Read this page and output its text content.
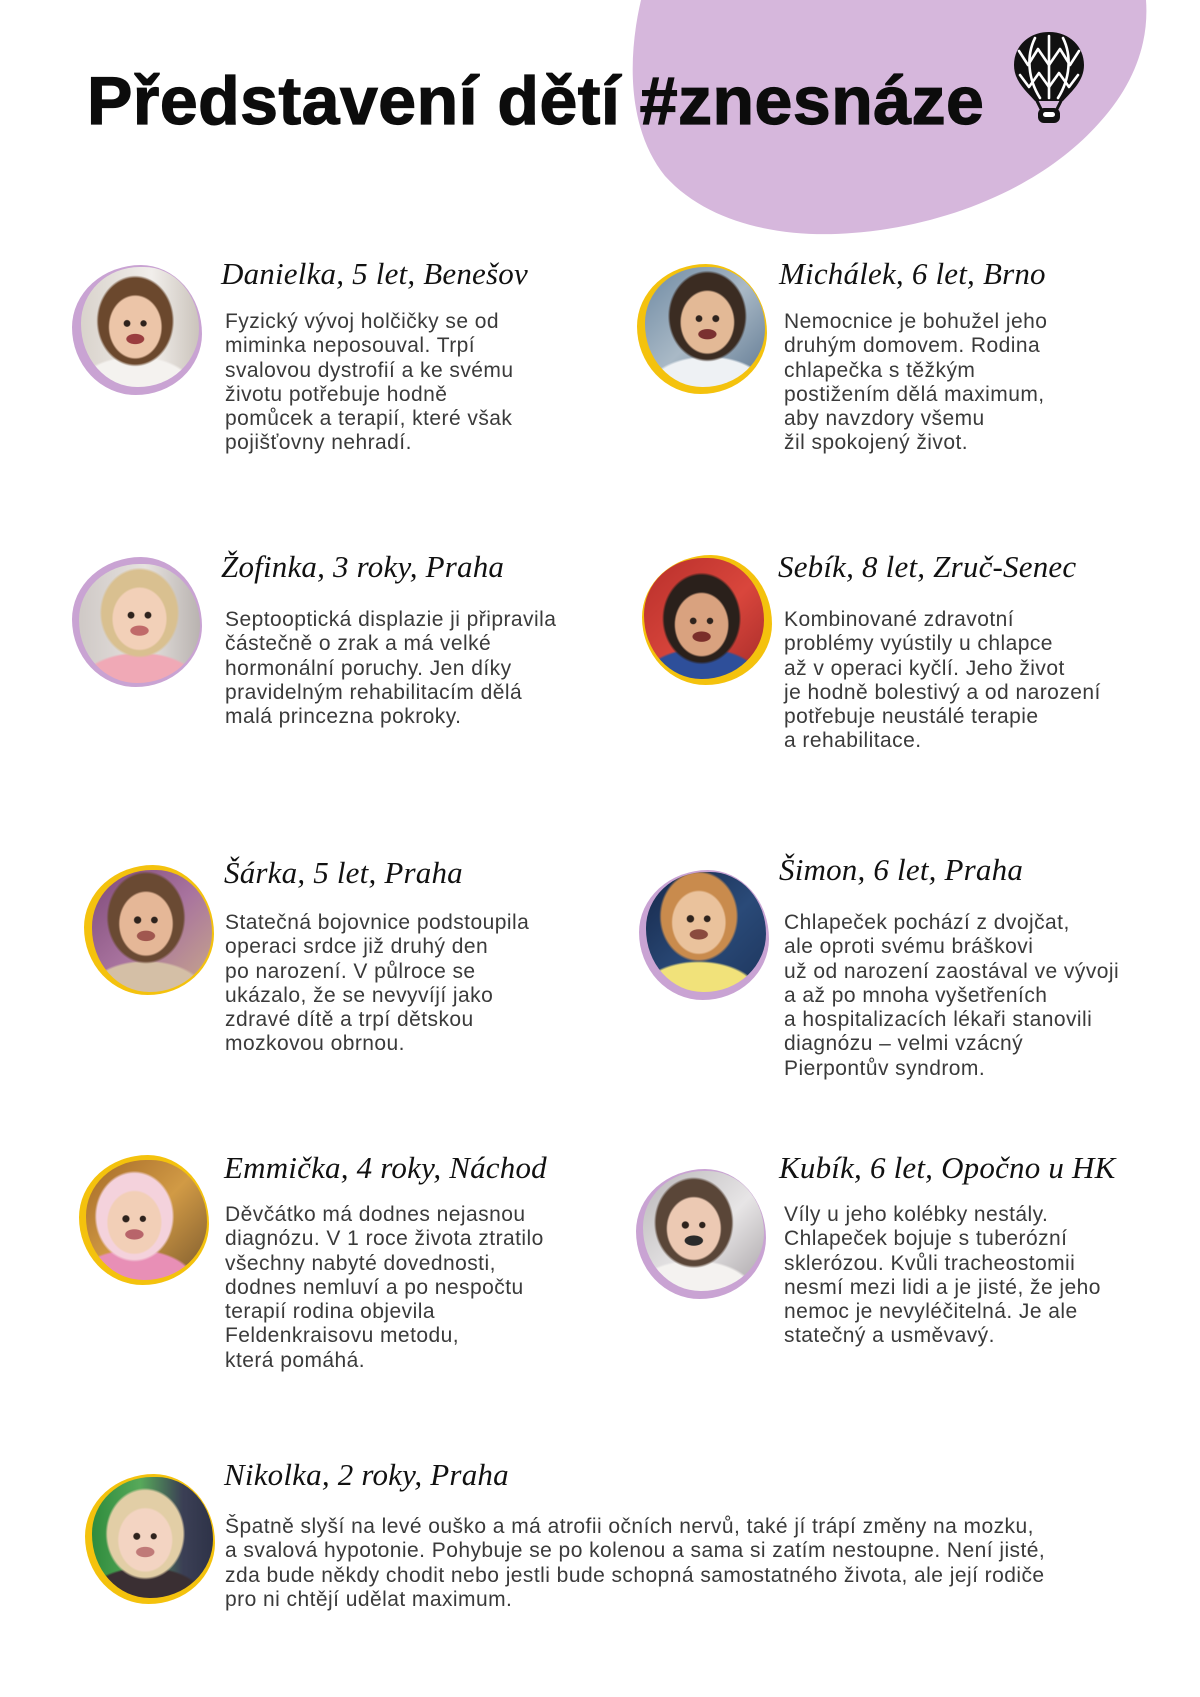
Představení dětí #znesnáze
Danielka, 5 let, Benešov
Fyzický vývoj holčičky se od
miminka neposouval. Trpí
svalovou dystrofií a ke svému
životu potřebuje hodně
pomůcek a terapií, které však
pojišťovny nehradí.
Michálek, 6 let, Brno
Nemocnice je bohužel jeho
druhým domovem. Rodina
chlapečka s těžkým
postižením dělá maximum,
aby navzdory všemu
žil spokojený život.
Žofinka, 3 roky, Praha
Septooptická displazie ji připravila
částečně o zrak a má velké
hormonální poruchy. Jen díky
pravidelným rehabilitacím dělá
malá princezna pokroky.
Sebík, 8 let, Zruč-Senec
Kombinované zdravotní
problémy vyústily u chlapce
až v operaci kyčlí. Jeho život
je hodně bolestivý a od narození
potřebuje neustálé terapie
a rehabilitace.
Šárka, 5 let, Praha
Statečná bojovnice podstoupila
operaci srdce již druhý den
po narození. V půlroce se
ukázalo, že se nevyvíjí jako
zdravé dítě a trpí dětskou
mozkovou obrnou.
Šimon, 6 let, Praha
Chlapeček pochází z dvojčat,
ale oproti svému bráškovi
už od narození zaostával ve vývoji
a až po mnoha vyšetřeních
a hospitalizacích lékaři stanovili
diagnózu – velmi vzácný
Pierpontův syndrom.
Emmička, 4 roky, Náchod
Děvčátko má dodnes nejasnou
diagnózu. V 1 roce života ztratilo
všechny nabyté dovednosti,
dodnes nemluví a po nespočtu
terapií rodina objevila
Feldenkraisovu metodu,
která pomáhá.
Kubík, 6 let, Opočno u HK
Víly u jeho kolébky nestály.
Chlapeček bojuje s tuberózní
sklerózou. Kvůli tracheostomii
nesmí mezi lidi a je jisté, že jeho
nemoc je nevyléčitelná. Je ale
statečný a usměvavý.
Nikolka, 2 roky, Praha
Špatně slyší na levé ouško a má atrofii očních nervů, také jí trápí změny na mozku,
a svalová hypotonie. Pohybuje se po kolenou a sama si zatím nestoupne. Není jisté,
zda bude někdy chodit nebo jestli bude schopná samostatného života, ale její rodiče
pro ni chtějí udělat maximum.
